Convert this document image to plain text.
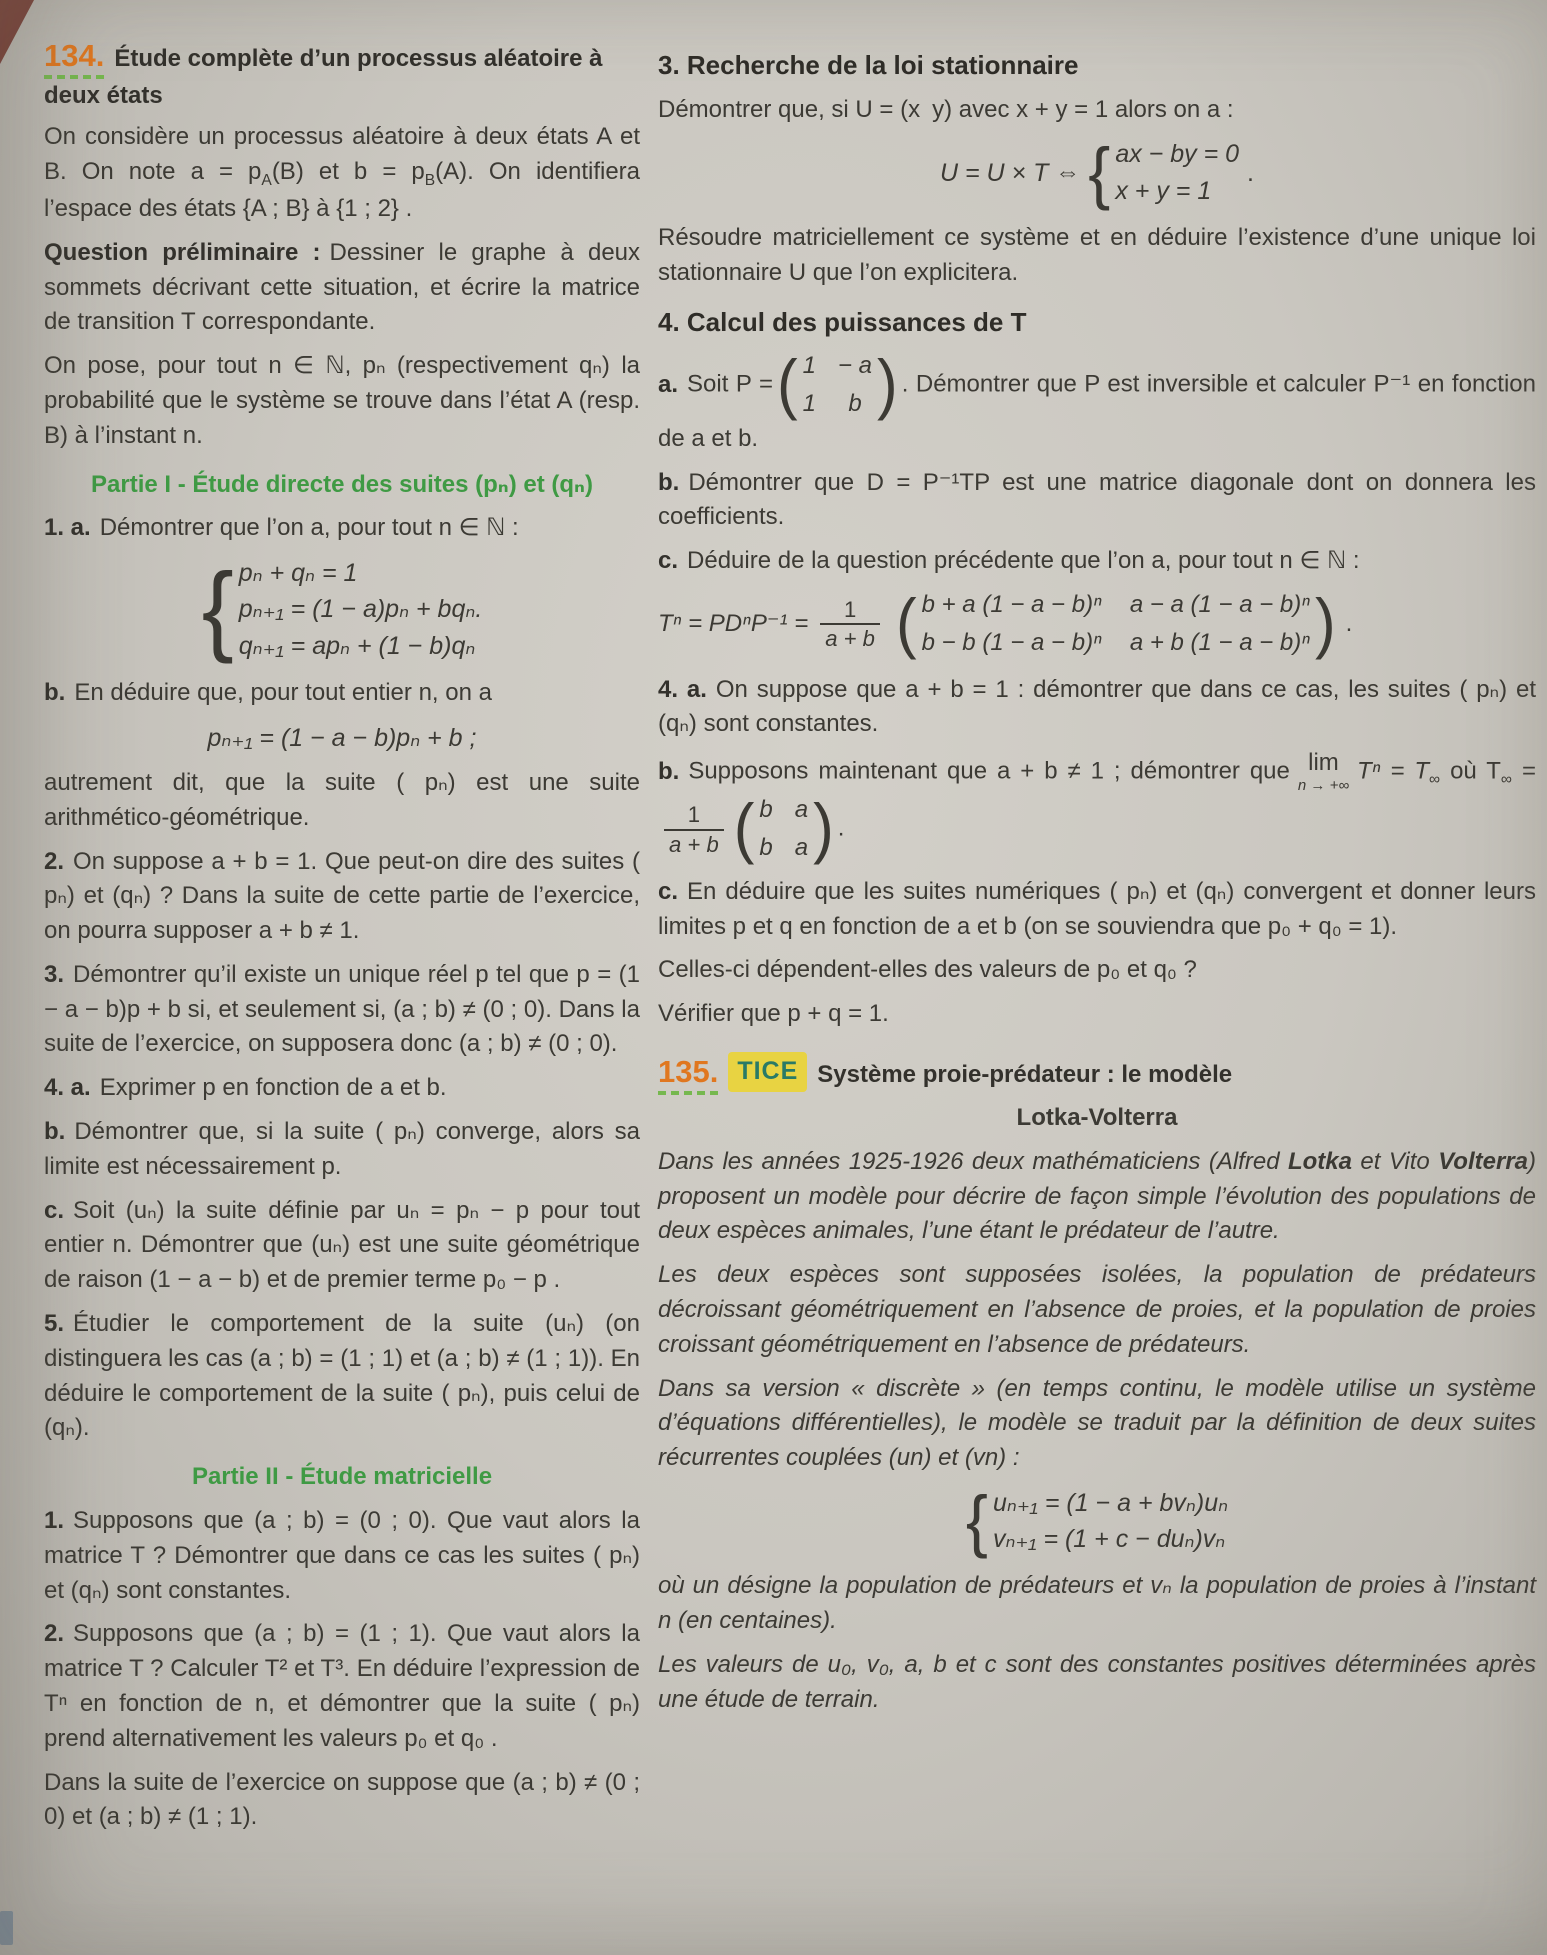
134. Étude complète d’un processus aléatoire à deux états

On considère un processus aléatoire à deux états A et B. On note $a = p_A(B)$ et $b = p_B(A)$. On identifiera l’espace des états {A ; B} à {1 ; 2} .

Question préliminaire : Dessiner le graphe à deux sommets décrivant cette situation, et écrire la matrice de transition T correspondante.

On pose, pour tout n ∈ ℕ, pₙ (respectivement qₙ) la probabilité que le système se trouve dans l’état A (resp. B) à l’instant n.

Partie I - Étude directe des suites (pₙ) et (qₙ)

1. a. Démontrer que l’on a, pour tout n ∈ ℕ :

{ pₙ + qₙ = 1
pₙ₊₁ = (1 − a)pₙ + bqₙ.
qₙ₊₁ = apₙ + (1 − b)qₙ

b. En déduire que, pour tout entier n, on a

pₙ₊₁ = (1 − a − b)pₙ + b ;

autrement dit, que la suite ( pₙ) est une suite arithmético-géométrique.

2. On suppose a + b = 1. Que peut-on dire des suites ( pₙ) et (qₙ) ? Dans la suite de cette partie de l’exercice, on pourra supposer a + b ≠ 1.

3. Démontrer qu’il existe un unique réel p tel que p = (1 − a − b)p + b si, et seulement si, (a ; b) ≠ (0 ; 0). Dans la suite de l’exercice, on supposera donc (a ; b) ≠ (0 ; 0).

4. a. Exprimer p en fonction de a et b.

b. Démontrer que, si la suite ( pₙ) converge, alors sa limite est nécessairement p.

c. Soit (uₙ) la suite définie par uₙ = pₙ − p pour tout entier n. Démontrer que (uₙ) est une suite géométrique de raison (1 − a − b) et de premier terme p₀ − p .

5. Étudier le comportement de la suite (uₙ) (on distinguera les cas (a ; b) = (1 ; 1) et (a ; b) ≠ (1 ; 1)). En déduire le comportement de la suite ( pₙ), puis celui de (qₙ).

Partie II - Étude matricielle

1. Supposons que (a ; b) = (0 ; 0). Que vaut alors la matrice T ? Démontrer que dans ce cas les suites ( pₙ) et (qₙ) sont constantes.

2. Supposons que (a ; b) = (1 ; 1). Que vaut alors la matrice T ? Calculer T² et T³. En déduire l’expression de Tⁿ en fonction de n, et démontrer que la suite ( pₙ) prend alternativement les valeurs p₀ et q₀ .

Dans la suite de l’exercice on suppose que (a ; b) ≠ (0 ; 0) et (a ; b) ≠ (1 ; 1).

3. Recherche de la loi stationnaire

Démontrer que, si U = (x y) avec x + y = 1 alors on a :

U = U × T ⇔ { ax − by = 0
x + y = 1
.

Résoudre matriciellement ce système et en déduire l’existence d’une unique loi stationnaire U que l’on explicitera.

4. Calcul des puissances de T

a. Soit P = ( 1 − a
1	b ) . Démontrer que P est inversible et calculer P⁻¹ en fonction de a et b.

b. Démontrer que D = P⁻¹TP est une matrice diagonale dont on donnera les coefficients.

c. Déduire de la question précédente que l’on a, pour tout n ∈ ℕ :

$T^n = PD^nP^{-1} = \frac{1}{a + b}$ ( b + a (1 − a − b)ⁿ a − a (1 − a − b)ⁿ
b − b (1 − a − b)ⁿ a + b (1 − a − b)ⁿ ) .

4. a. On suppose que a + b = 1 : démontrer que dans ce cas, les suites ( pₙ) et (qₙ) sont constantes.

b. Supposons maintenant que a + b ≠ 1 ; démontrer que lim
n → +∞
$T^n = T_\infty$ où $T_\infty$ =
$\frac{1}{a + b}$ ( b a
b a ) .

c. En déduire que les suites numériques ( pₙ) et (qₙ) convergent et donner leurs limites p et q en fonction de a et b (on se souviendra que p₀ + q₀ = 1).

Celles-ci dépendent-elles des valeurs de p₀ et q₀ ?

Vérifier que p + q = 1.

135. TICE Système proie-prédateur : le modèle

Lotka-Volterra

Dans les années 1925-1926 deux mathématiciens (Alfred Lotka et Vito Volterra) proposent un modèle pour décrire de façon simple l’évolution des populations de deux espèces animales, l’une étant le prédateur de l’autre.

Les deux espèces sont supposées isolées, la population de prédateurs décroissant géométriquement en l’absence de proies, et la population de proies croissant géométriquement en l’absence de prédateurs.

Dans sa version « discrète » (en temps continu, le modèle utilise un système d’équations différentielles), le modèle se traduit par la définition de deux suites récurrentes couplées (un) et (vn) :

{ uₙ₊₁ = (1 − a + bvₙ)uₙ
vₙ₊₁ = (1 + c − duₙ)vₙ

où un désigne la population de prédateurs et vₙ la population de proies à l’instant n (en centaines).

Les valeurs de u₀, v₀, a, b et c sont des constantes positives déterminées après une étude de terrain.
